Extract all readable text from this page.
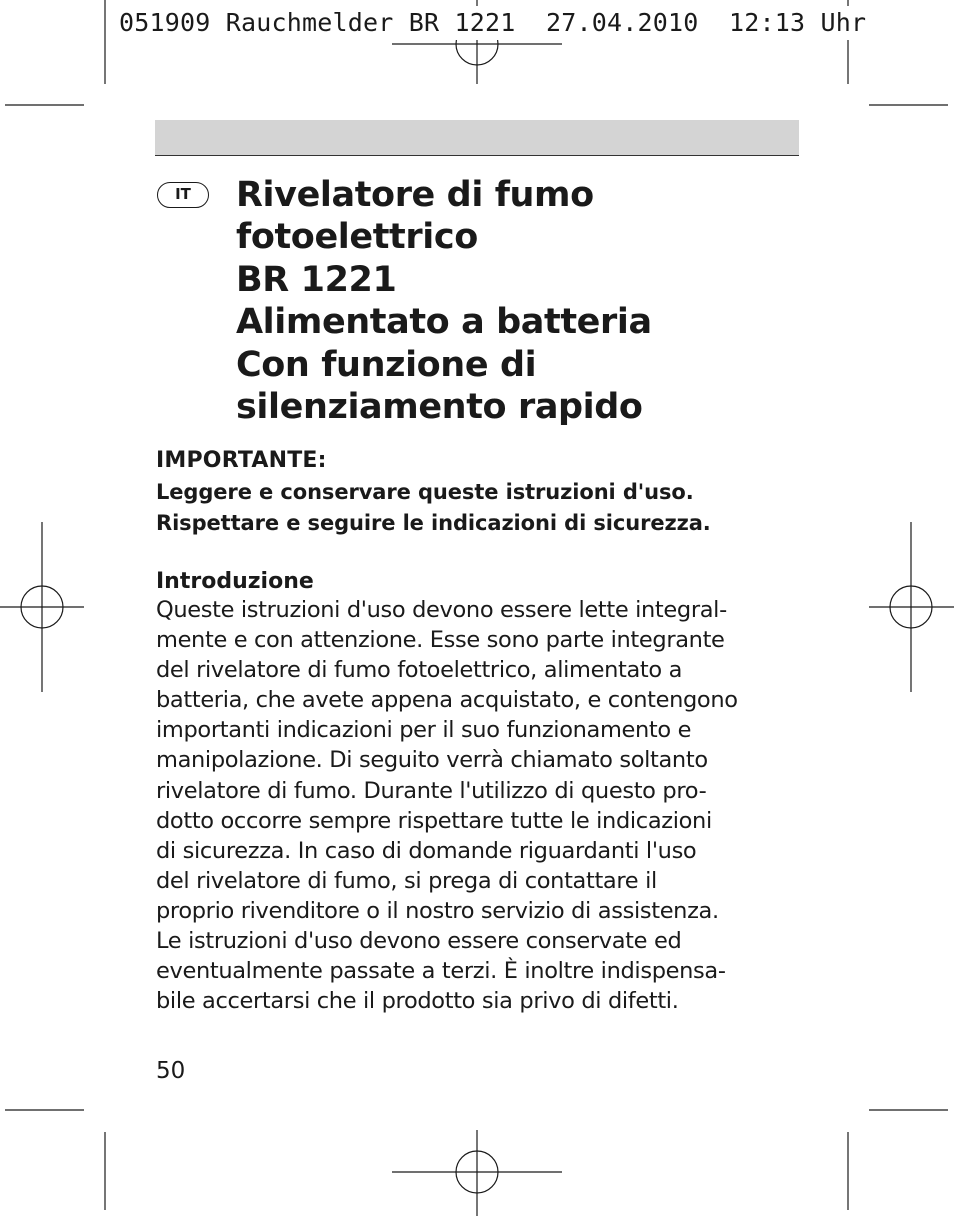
051909 Rauchmelder BR 1221  27.04.2010  12:13 Uhr
IT	Rivelatore di fumo
fotoelettrico
BR 1221
Alimentato a batteria
Con funzione di
silenziamento rapido
IMPORTANTE:
Leggere e conservare queste istruzioni d'uso.
Rispettare e seguire le indicazioni di sicurezza.
Introduzione
Queste istruzioni d'uso devono essere lette integral-
mente e con attenzione. Esse sono parte integrante
del rivelatore di fumo fotoelettrico, alimentato a
batteria, che avete appena acquistato, e contengono
importanti indicazioni per il suo funzionamento e
manipolazione. Di seguito verrà chiamato soltanto
rivelatore di fumo. Durante l'utilizzo di questo pro-
dotto occorre sempre rispettare tutte le indicazioni
di sicurezza. In caso di domande riguardanti l'uso
del rivelatore di fumo, si prega di contattare il
proprio rivenditore o il nostro servizio di assistenza.
Le istruzioni d'uso devono essere conservate ed
eventualmente passate a terzi. È inoltre indispensa-
bile accertarsi che il prodotto sia privo di difetti.
50
